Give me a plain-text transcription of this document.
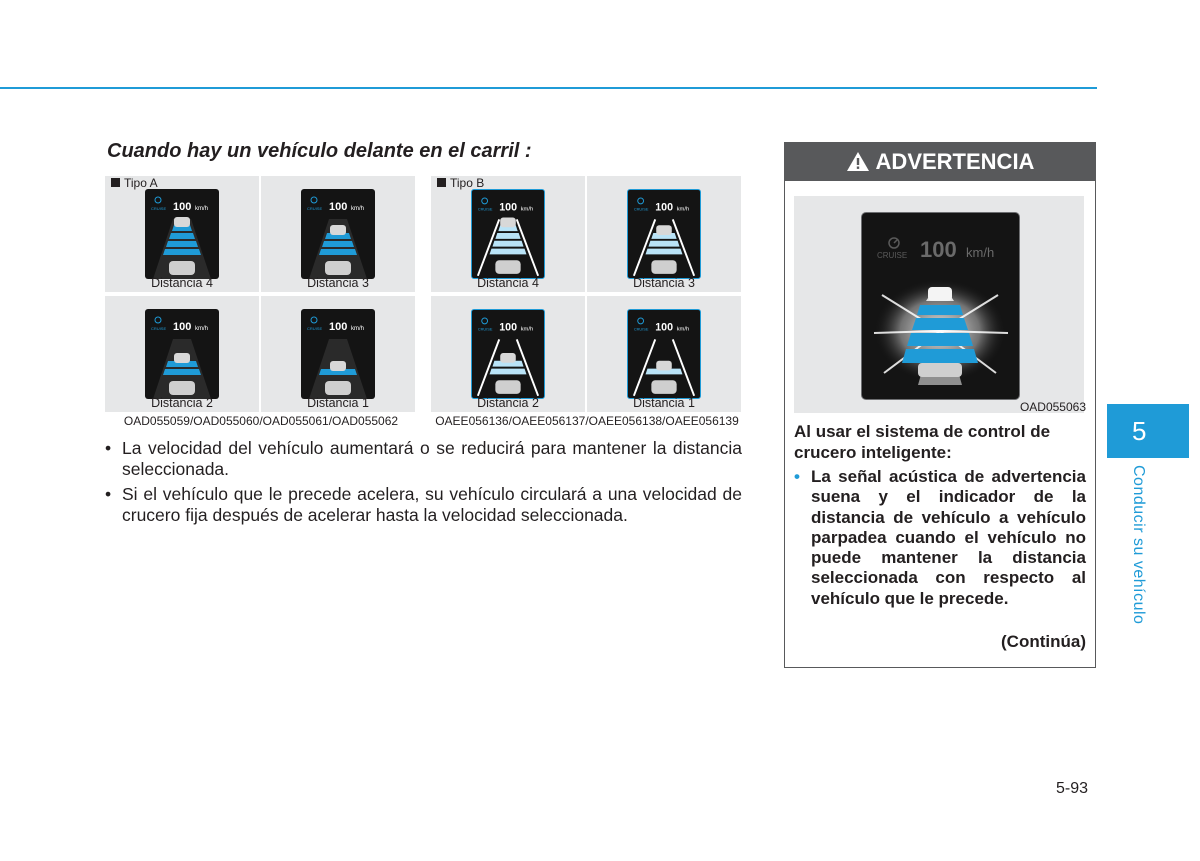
Cuando hay un vehículo delante en el carril :
Tipo A
CRUISE 100 km/h
Distancia 4
CRUISE 100 km/h
Distancia 3
CRUISE 100 km/h
Distancia 2
CRUISE 100 km/h
Distancia 1
OAD055059/OAD055060/OAD055061/OAD055062
Tipo B
CRUISE 100 km/h
Distancia 4
CRUISE 100 km/h
Distancia 3
CRUISE 100 km/h
Distancia 2
CRUISE 100 km/h
Distancia 1
OAEE056136/OAEE056137/OAEE056138/OAEE056139
• La velocidad del vehículo aumentará o se reducirá para mantener la distancia seleccionada.
• Si el vehículo que le precede acelera, su vehículo circulará a una velocidad de crucero fija después de acelerar hasta la velocidad seleccionada.
ADVERTENCIA
CRUISE 100 km/h
OAD055063

Al usar el sistema de control de crucero inteligente:

• La señal acústica de advertencia suena y el indicador de la distancia de vehículo a vehículo parpadea cuando el vehículo no puede mantener la distancia seleccionada con respecto al vehículo que le precede.
(Continúa)
5
Conducir su vehículo
5-93
